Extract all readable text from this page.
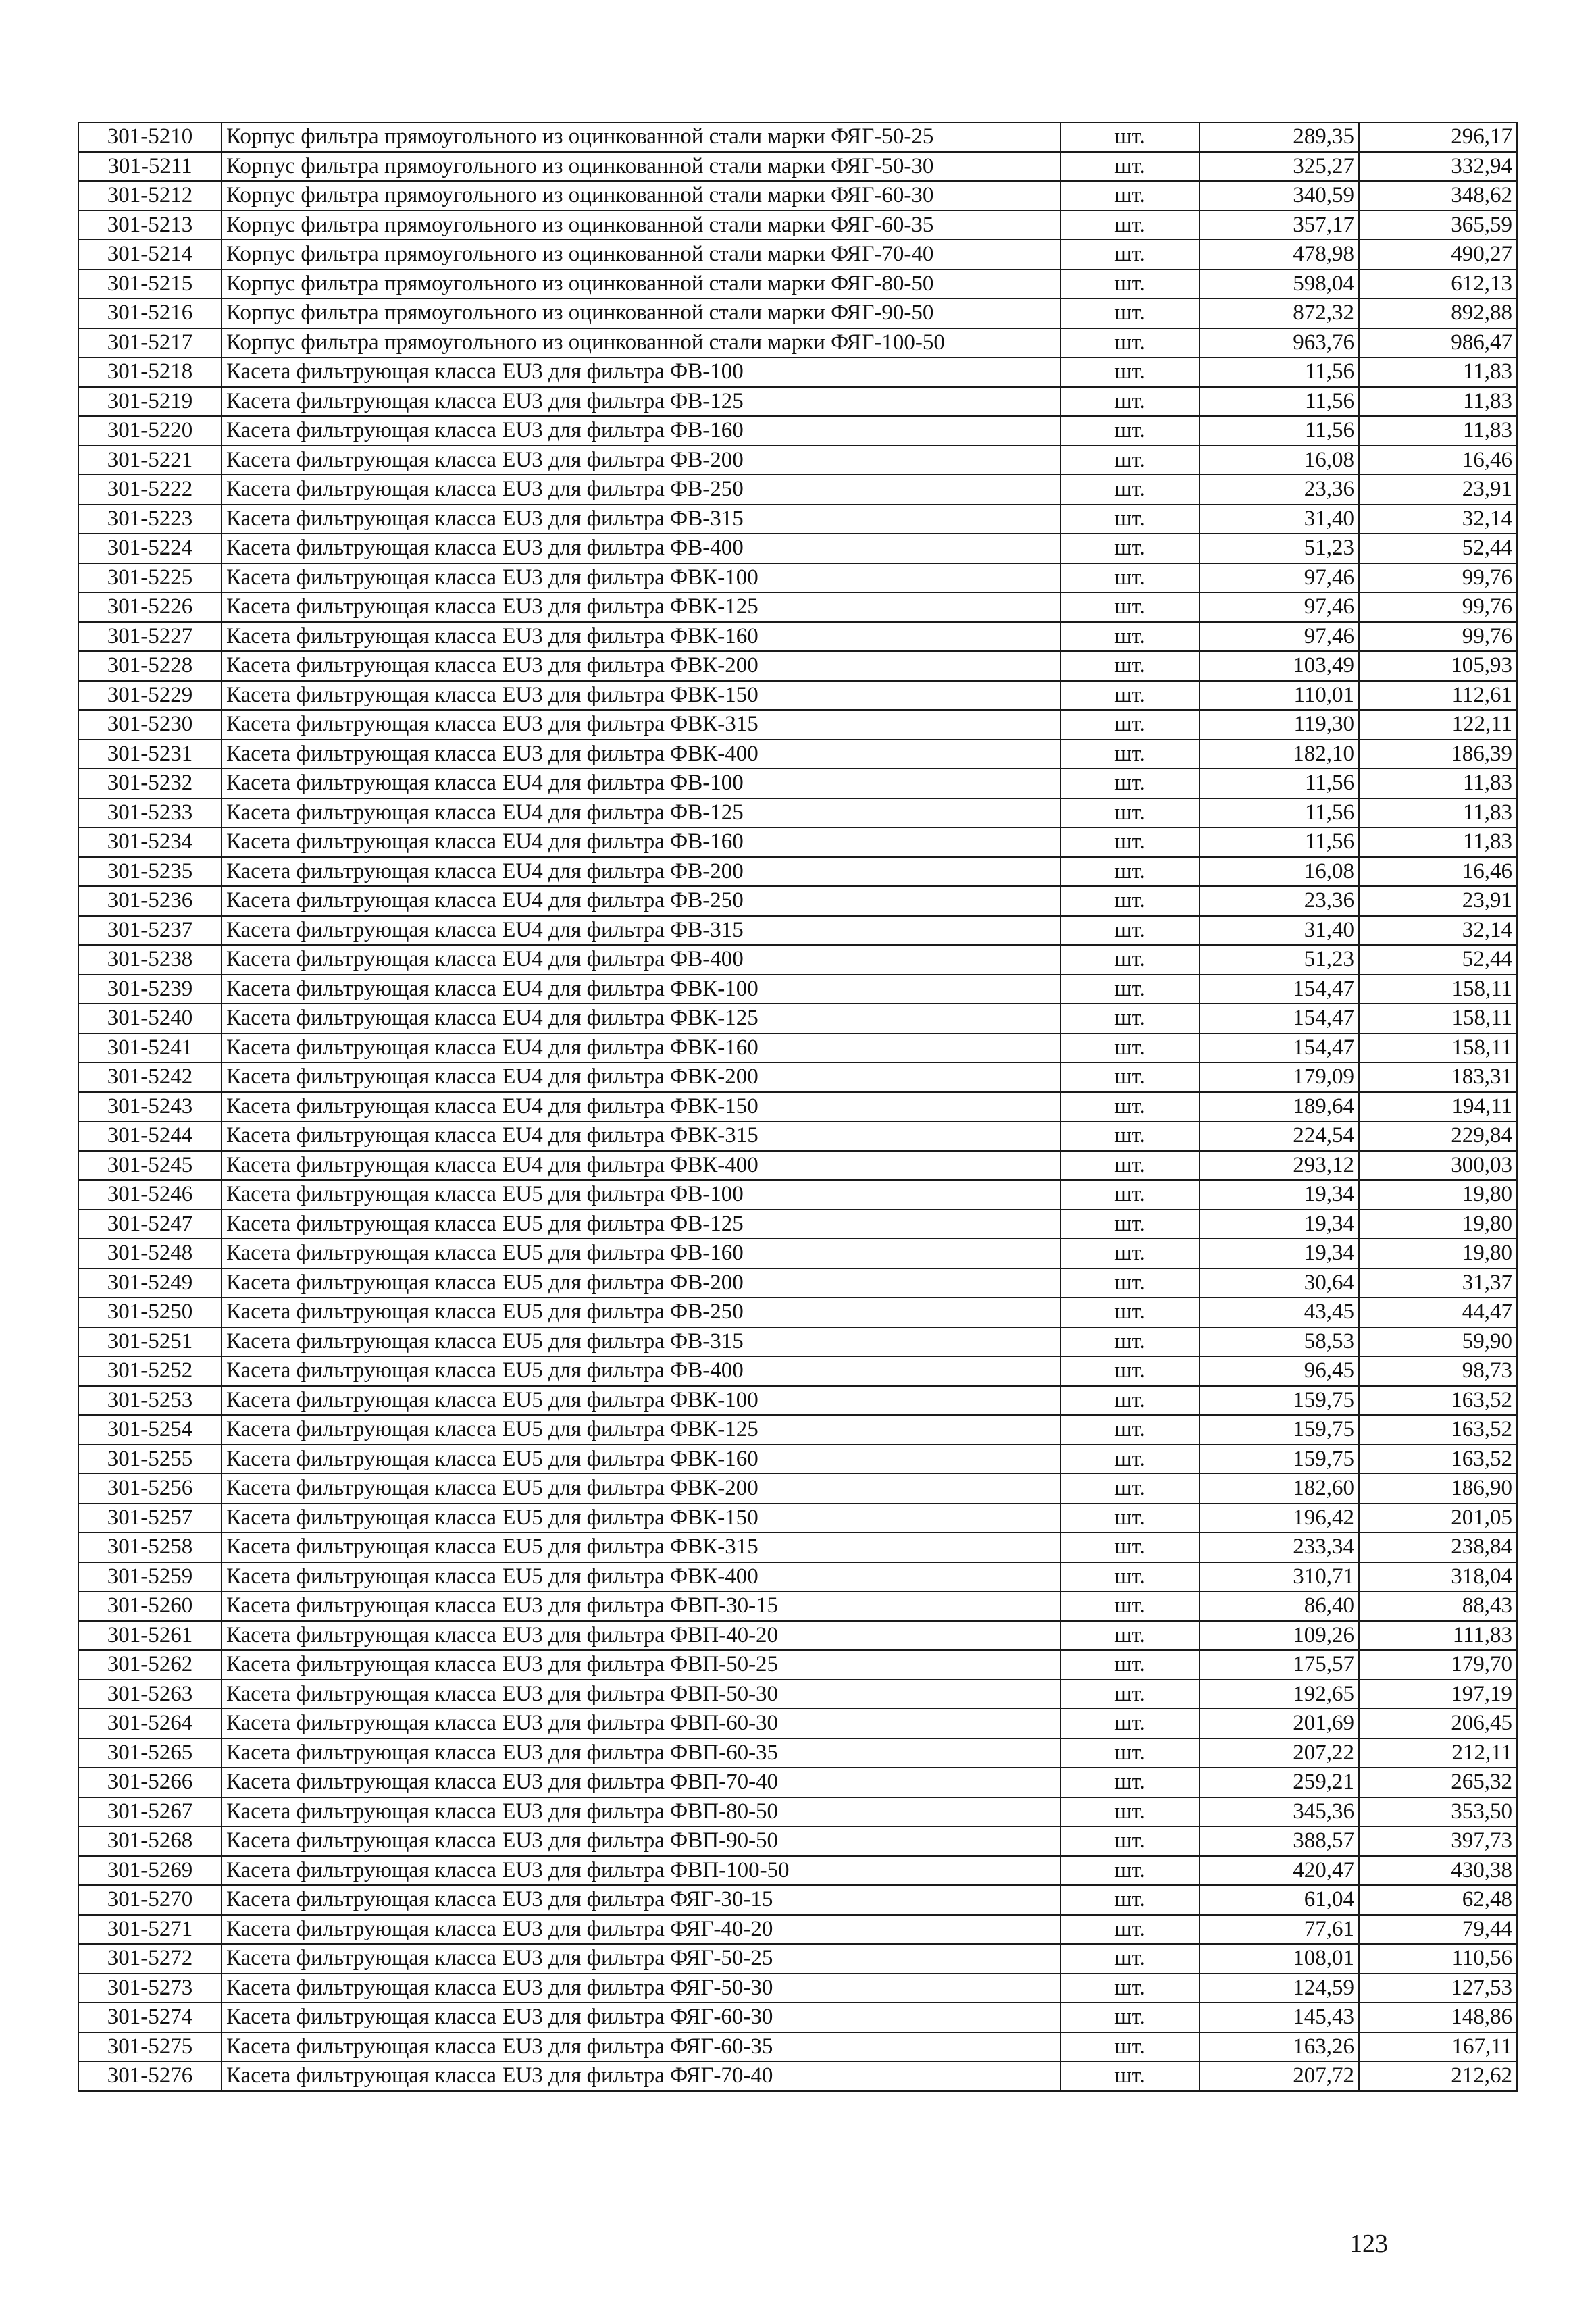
301-5210	Корпус фильтра прямоугольного из оцинкованной стали марки ФЯГ-50-25	шт.	289,35	296,17
301-5211	Корпус фильтра прямоугольного из оцинкованной стали марки ФЯГ-50-30	шт.	325,27	332,94
301-5212	Корпус фильтра прямоугольного из оцинкованной стали марки ФЯГ-60-30	шт.	340,59	348,62
301-5213	Корпус фильтра прямоугольного из оцинкованной стали марки ФЯГ-60-35	шт.	357,17	365,59
301-5214	Корпус фильтра прямоугольного из оцинкованной стали марки ФЯГ-70-40	шт.	478,98	490,27
301-5215	Корпус фильтра прямоугольного из оцинкованной стали марки ФЯГ-80-50	шт.	598,04	612,13
301-5216	Корпус фильтра прямоугольного из оцинкованной стали марки ФЯГ-90-50	шт.	872,32	892,88
301-5217	Корпус фильтра прямоугольного из оцинкованной стали марки ФЯГ-100-50	шт.	963,76	986,47
301-5218	Касета фильтрующая класса EU3 для фильтра ФВ-100	шт.	11,56	11,83
301-5219	Касета фильтрующая класса EU3 для фильтра ФВ-125	шт.	11,56	11,83
301-5220	Касета фильтрующая класса EU3 для фильтра ФВ-160	шт.	11,56	11,83
301-5221	Касета фильтрующая класса EU3 для фильтра ФВ-200	шт.	16,08	16,46
301-5222	Касета фильтрующая класса EU3 для фильтра ФВ-250	шт.	23,36	23,91
301-5223	Касета фильтрующая класса EU3 для фильтра ФВ-315	шт.	31,40	32,14
301-5224	Касета фильтрующая класса EU3 для фильтра ФВ-400	шт.	51,23	52,44
301-5225	Касета фильтрующая класса EU3 для фильтра ФВК-100	шт.	97,46	99,76
301-5226	Касета фильтрующая класса EU3 для фильтра ФВК-125	шт.	97,46	99,76
301-5227	Касета фильтрующая класса EU3 для фильтра ФВК-160	шт.	97,46	99,76
301-5228	Касета фильтрующая класса EU3 для фильтра ФВК-200	шт.	103,49	105,93
301-5229	Касета фильтрующая класса EU3 для фильтра ФВК-150	шт.	110,01	112,61
301-5230	Касета фильтрующая класса EU3 для фильтра ФВК-315	шт.	119,30	122,11
301-5231	Касета фильтрующая класса EU3 для фильтра ФВК-400	шт.	182,10	186,39
301-5232	Касета фильтрующая класса EU4 для фильтра ФВ-100	шт.	11,56	11,83
301-5233	Касета фильтрующая класса EU4 для фильтра ФВ-125	шт.	11,56	11,83
301-5234	Касета фильтрующая класса EU4 для фильтра ФВ-160	шт.	11,56	11,83
301-5235	Касета фильтрующая класса EU4 для фильтра ФВ-200	шт.	16,08	16,46
301-5236	Касета фильтрующая класса EU4 для фильтра ФВ-250	шт.	23,36	23,91
301-5237	Касета фильтрующая класса EU4 для фильтра ФВ-315	шт.	31,40	32,14
301-5238	Касета фильтрующая класса EU4 для фильтра ФВ-400	шт.	51,23	52,44
301-5239	Касета фильтрующая класса EU4 для фильтра ФВК-100	шт.	154,47	158,11
301-5240	Касета фильтрующая класса EU4 для фильтра ФВК-125	шт.	154,47	158,11
301-5241	Касета фильтрующая класса EU4 для фильтра ФВК-160	шт.	154,47	158,11
301-5242	Касета фильтрующая класса EU4 для фильтра ФВК-200	шт.	179,09	183,31
301-5243	Касета фильтрующая класса EU4 для фильтра ФВК-150	шт.	189,64	194,11
301-5244	Касета фильтрующая класса EU4 для фильтра ФВК-315	шт.	224,54	229,84
301-5245	Касета фильтрующая класса EU4 для фильтра ФВК-400	шт.	293,12	300,03
301-5246	Касета фильтрующая класса EU5 для фильтра ФВ-100	шт.	19,34	19,80
301-5247	Касета фильтрующая класса EU5 для фильтра ФВ-125	шт.	19,34	19,80
301-5248	Касета фильтрующая класса EU5 для фильтра ФВ-160	шт.	19,34	19,80
301-5249	Касета фильтрующая класса EU5 для фильтра ФВ-200	шт.	30,64	31,37
301-5250	Касета фильтрующая класса EU5 для фильтра ФВ-250	шт.	43,45	44,47
301-5251	Касета фильтрующая класса EU5 для фильтра ФВ-315	шт.	58,53	59,90
301-5252	Касета фильтрующая класса EU5 для фильтра ФВ-400	шт.	96,45	98,73
301-5253	Касета фильтрующая класса EU5 для фильтра ФВК-100	шт.	159,75	163,52
301-5254	Касета фильтрующая класса EU5 для фильтра ФВК-125	шт.	159,75	163,52
301-5255	Касета фильтрующая класса EU5 для фильтра ФВК-160	шт.	159,75	163,52
301-5256	Касета фильтрующая класса EU5 для фильтра ФВК-200	шт.	182,60	186,90
301-5257	Касета фильтрующая класса EU5 для фильтра ФВК-150	шт.	196,42	201,05
301-5258	Касета фильтрующая класса EU5 для фильтра ФВК-315	шт.	233,34	238,84
301-5259	Касета фильтрующая класса EU5 для фильтра ФВК-400	шт.	310,71	318,04
301-5260	Касета фильтрующая класса EU3 для фильтра ФВП-30-15	шт.	86,40	88,43
301-5261	Касета фильтрующая класса EU3 для фильтра ФВП-40-20	шт.	109,26	111,83
301-5262	Касета фильтрующая класса EU3 для фильтра ФВП-50-25	шт.	175,57	179,70
301-5263	Касета фильтрующая класса EU3 для фильтра ФВП-50-30	шт.	192,65	197,19
301-5264	Касета фильтрующая класса EU3 для фильтра ФВП-60-30	шт.	201,69	206,45
301-5265	Касета фильтрующая класса EU3 для фильтра ФВП-60-35	шт.	207,22	212,11
301-5266	Касета фильтрующая класса EU3 для фильтра ФВП-70-40	шт.	259,21	265,32
301-5267	Касета фильтрующая класса EU3 для фильтра ФВП-80-50	шт.	345,36	353,50
301-5268	Касета фильтрующая класса EU3 для фильтра ФВП-90-50	шт.	388,57	397,73
301-5269	Касета фильтрующая класса EU3 для фильтра ФВП-100-50	шт.	420,47	430,38
301-5270	Касета фильтрующая класса EU3 для фильтра ФЯГ-30-15	шт.	61,04	62,48
301-5271	Касета фильтрующая класса EU3 для фильтра ФЯГ-40-20	шт.	77,61	79,44
301-5272	Касета фильтрующая класса EU3 для фильтра ФЯГ-50-25	шт.	108,01	110,56
301-5273	Касета фильтрующая класса EU3 для фильтра ФЯГ-50-30	шт.	124,59	127,53
301-5274	Касета фильтрующая класса EU3 для фильтра ФЯГ-60-30	шт.	145,43	148,86
301-5275	Касета фильтрующая класса EU3 для фильтра ФЯГ-60-35	шт.	163,26	167,11
301-5276	Касета фильтрующая класса EU3 для фильтра ФЯГ-70-40	шт.	207,72	212,62
123
